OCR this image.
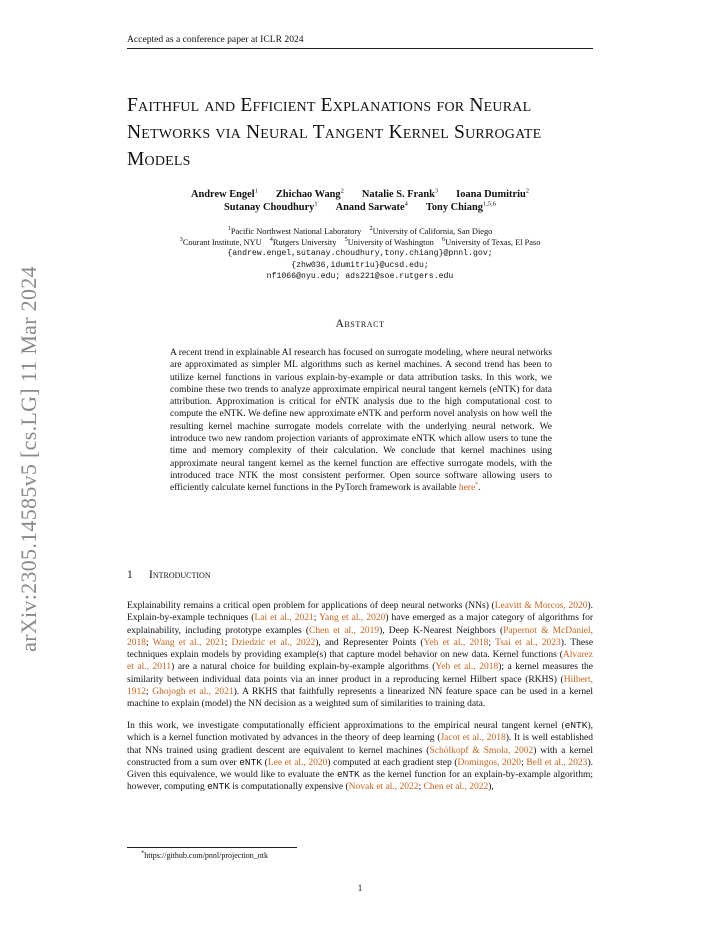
Accepted as a conference paper at ICLR 2024
arXiv:2305.14585v5 [cs.LG] 11 Mar 2024
Faithful and Efficient Explanations for Neural Networks via Neural Tangent Kernel Surrogate Models
Andrew Engel$^1$ Zhichao Wang$^2$ Natalie S. Frank$^3$ Ioana Dumitriu$^2$
Sutanay Choudhury$^1$ Anand Sarwate$^4$ Tony Chiang$^{1,5,6}$
$^1$Pacific Northwest National Laboratory $^2$University of California, San Diego
$^3$Courant Institute, NYU $^4$Rutgers University $^5$University of Washington $^6$University of Texas, El Paso
{andrew.engel,sutanay.choudhury,tony.chiang}@pnnl.gov;
{zhw036,idumitriu}@ucsd.edu;
nf1066@nyu.edu; ads221@soe.rutgers.edu
Abstract
A recent trend in explainable AI research has focused on surrogate modeling, where neural networks are approximated as simpler ML algorithms such as kernel machines. A second trend has been to utilize kernel functions in various explain-by-example or data attribution tasks. In this work, we combine these two trends to analyze approximate empirical neural tangent kernels (eNTK) for data attribution. Approximation is critical for eNTK analysis due to the high computational cost to compute the eNTK. We define new approximate eNTK and perform novel analysis on how well the resulting kernel machine surrogate models correlate with the underlying neural network. We introduce two new random projection variants of approximate eNTK which allow users to tune the time and memory complexity of their calculation. We conclude that kernel machines using approximate neural tangent kernel as the kernel function are effective surrogate models, with the introduced trace NTK the most consistent performer. Open source software allowing users to efficiently calculate kernel functions in the PyTorch framework is available here*.
1 Introduction

Explainability remains a critical open problem for applications of deep neural networks (NNs) (Leavitt & Morcos, 2020). Explain-by-example techniques (Lai et al., 2021; Yang et al., 2020) have emerged as a major category of algorithms for explainability, including prototype examples (Chen et al., 2019), Deep K-Nearest Neighbors (Papernot & McDaniel, 2018; Wang et al., 2021; Dziedzic et al., 2022), and Representer Points (Yeh et al., 2018; Tsai et al., 2023). These techniques explain models by providing example(s) that capture model behavior on new data. Kernel functions (Alvarez et al., 2011) are a natural choice for building explain-by-example algorithms (Yeh et al., 2018); a kernel measures the similarity between individual data points via an inner product in a reproducing kernel Hilbert space (RKHS) (Hilbert, 1912; Ghojogh et al., 2021). A RKHS that faithfully represents a linearized NN feature space can be used in a kernel machine to explain (model) the NN decision as a weighted sum of similarities to training data.

In this work, we investigate computationally efficient approximations to the empirical neural tangent kernel (eNTK), which is a kernel function motivated by advances in the theory of deep learning (Jacot et al., 2018). It is well established that NNs trained using gradient descent are equivalent to kernel machines (Schölkopf & Smola, 2002) with a kernel constructed from a sum over eNTK (Lee et al., 2020) computed at each gradient step (Domingos, 2020; Bell et al., 2023). Given this equivalence, we would like to evaluate the eNTK as the kernel function for an explain-by-example algorithm; however, computing eNTK is computationally expensive (Novak et al., 2022; Chen et al., 2022),

*https://github.com/pnnl/projection_ntk
1
